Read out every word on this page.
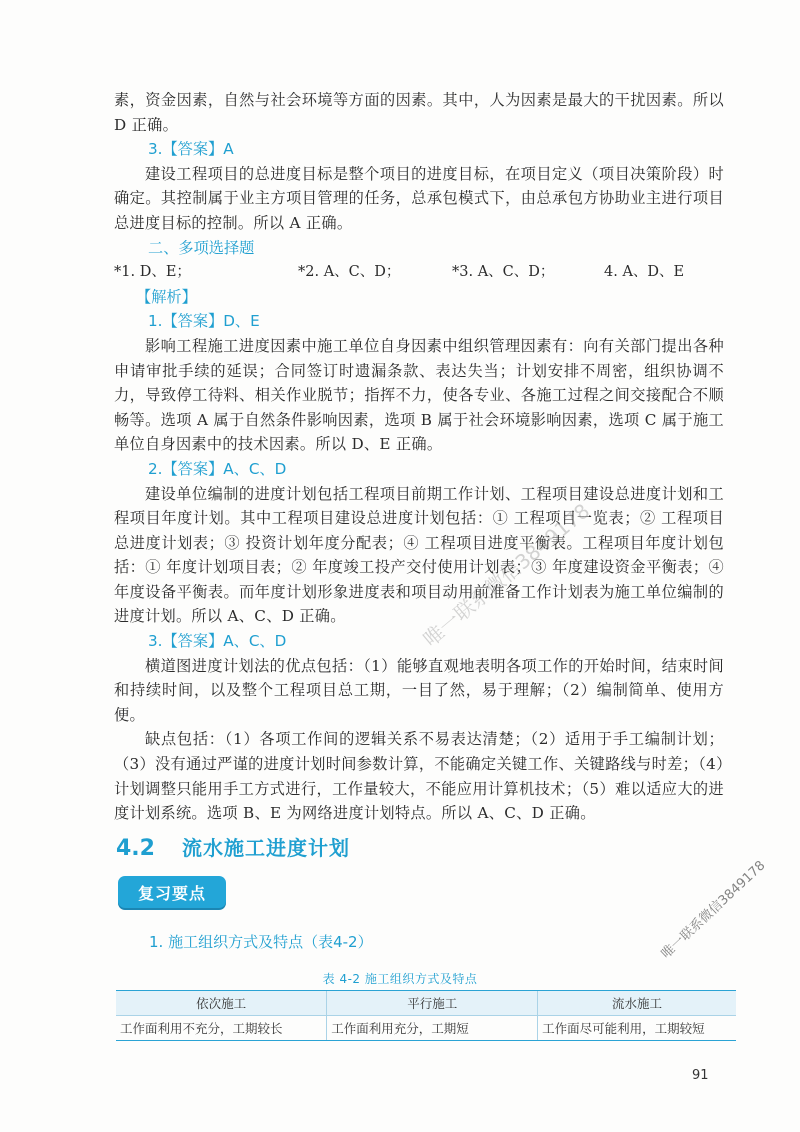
素，资金因素，自然与社会环境等方面的因素。其中，人为因素是最大的干扰因素。所以 D 正确。

3.【答案】A

建设工程项目的总进度目标是整个项目的进度目标，在项目定义（项目决策阶段）时确定。其控制属于业主方项目管理的任务，总承包模式下，由总承包方协助业主进行项目总进度目标的控制。所以 A 正确。

二、多项选择题
*1. D、E；	*2. A、C、D；	*3. A、C、D；	4. A、D、E
【解析】
1.【答案】D、E

影响工程施工进度因素中施工单位自身因素中组织管理因素有：向有关部门提出各种申请审批手续的延误；合同签订时遗漏条款、表达失当；计划安排不周密，组织协调不力，导致停工待料、相关作业脱节；指挥不力，使各专业、各施工过程之间交接配合不顺畅等。选项 A 属于自然条件影响因素，选项 B 属于社会环境影响因素，选项 C 属于施工单位自身因素中的技术因素。所以 D、E 正确。

2.【答案】A、C、D

建设单位编制的进度计划包括工程项目前期工作计划、工程项目建设总进度计划和工程项目年度计划。其中工程项目建设总进度计划包括：① 工程项目一览表；② 工程项目总进度计划表；③ 投资计划年度分配表；④ 工程项目进度平衡表。工程项目年度计划包括：① 年度计划项目表；② 年度竣工投产交付使用计划表；③ 年度建设资金平衡表；④ 年度设备平衡表。而年度计划形象进度表和项目动用前准备工作计划表为施工单位编制的进度计划。所以 A、C、D 正确。

3.【答案】A、C、D

横道图进度计划法的优点包括：（1）能够直观地表明各项工作的开始时间，结束时间和持续时间，以及整个工程项目总工期，一目了然，易于理解；（2）编制简单、使用方便。

缺点包括：（1）各项工作间的逻辑关系不易表达清楚；（2）适用于手工编制计划；（3）没有通过严谨的进度计划时间参数计算，不能确定关键工作、关键路线与时差；（4）计划调整只能用手工方式进行，工作量较大，不能应用计算机技术；（5）难以适应大的进度计划系统。选项 B、E 为网络进度计划特点。所以 A、C、D 正确。

4.2	流水施工进度计划
复习要点
1. 施工组织方式及特点（表4-2）
表 4-2 施工组织方式及特点
依次施工	平行施工	流水施工
工作面利用不充分，工期较长	工作面利用充分，工期短	工作面尽可能利用，工期较短
91
唯一联系微信3849178
唯一联系微信3849178
